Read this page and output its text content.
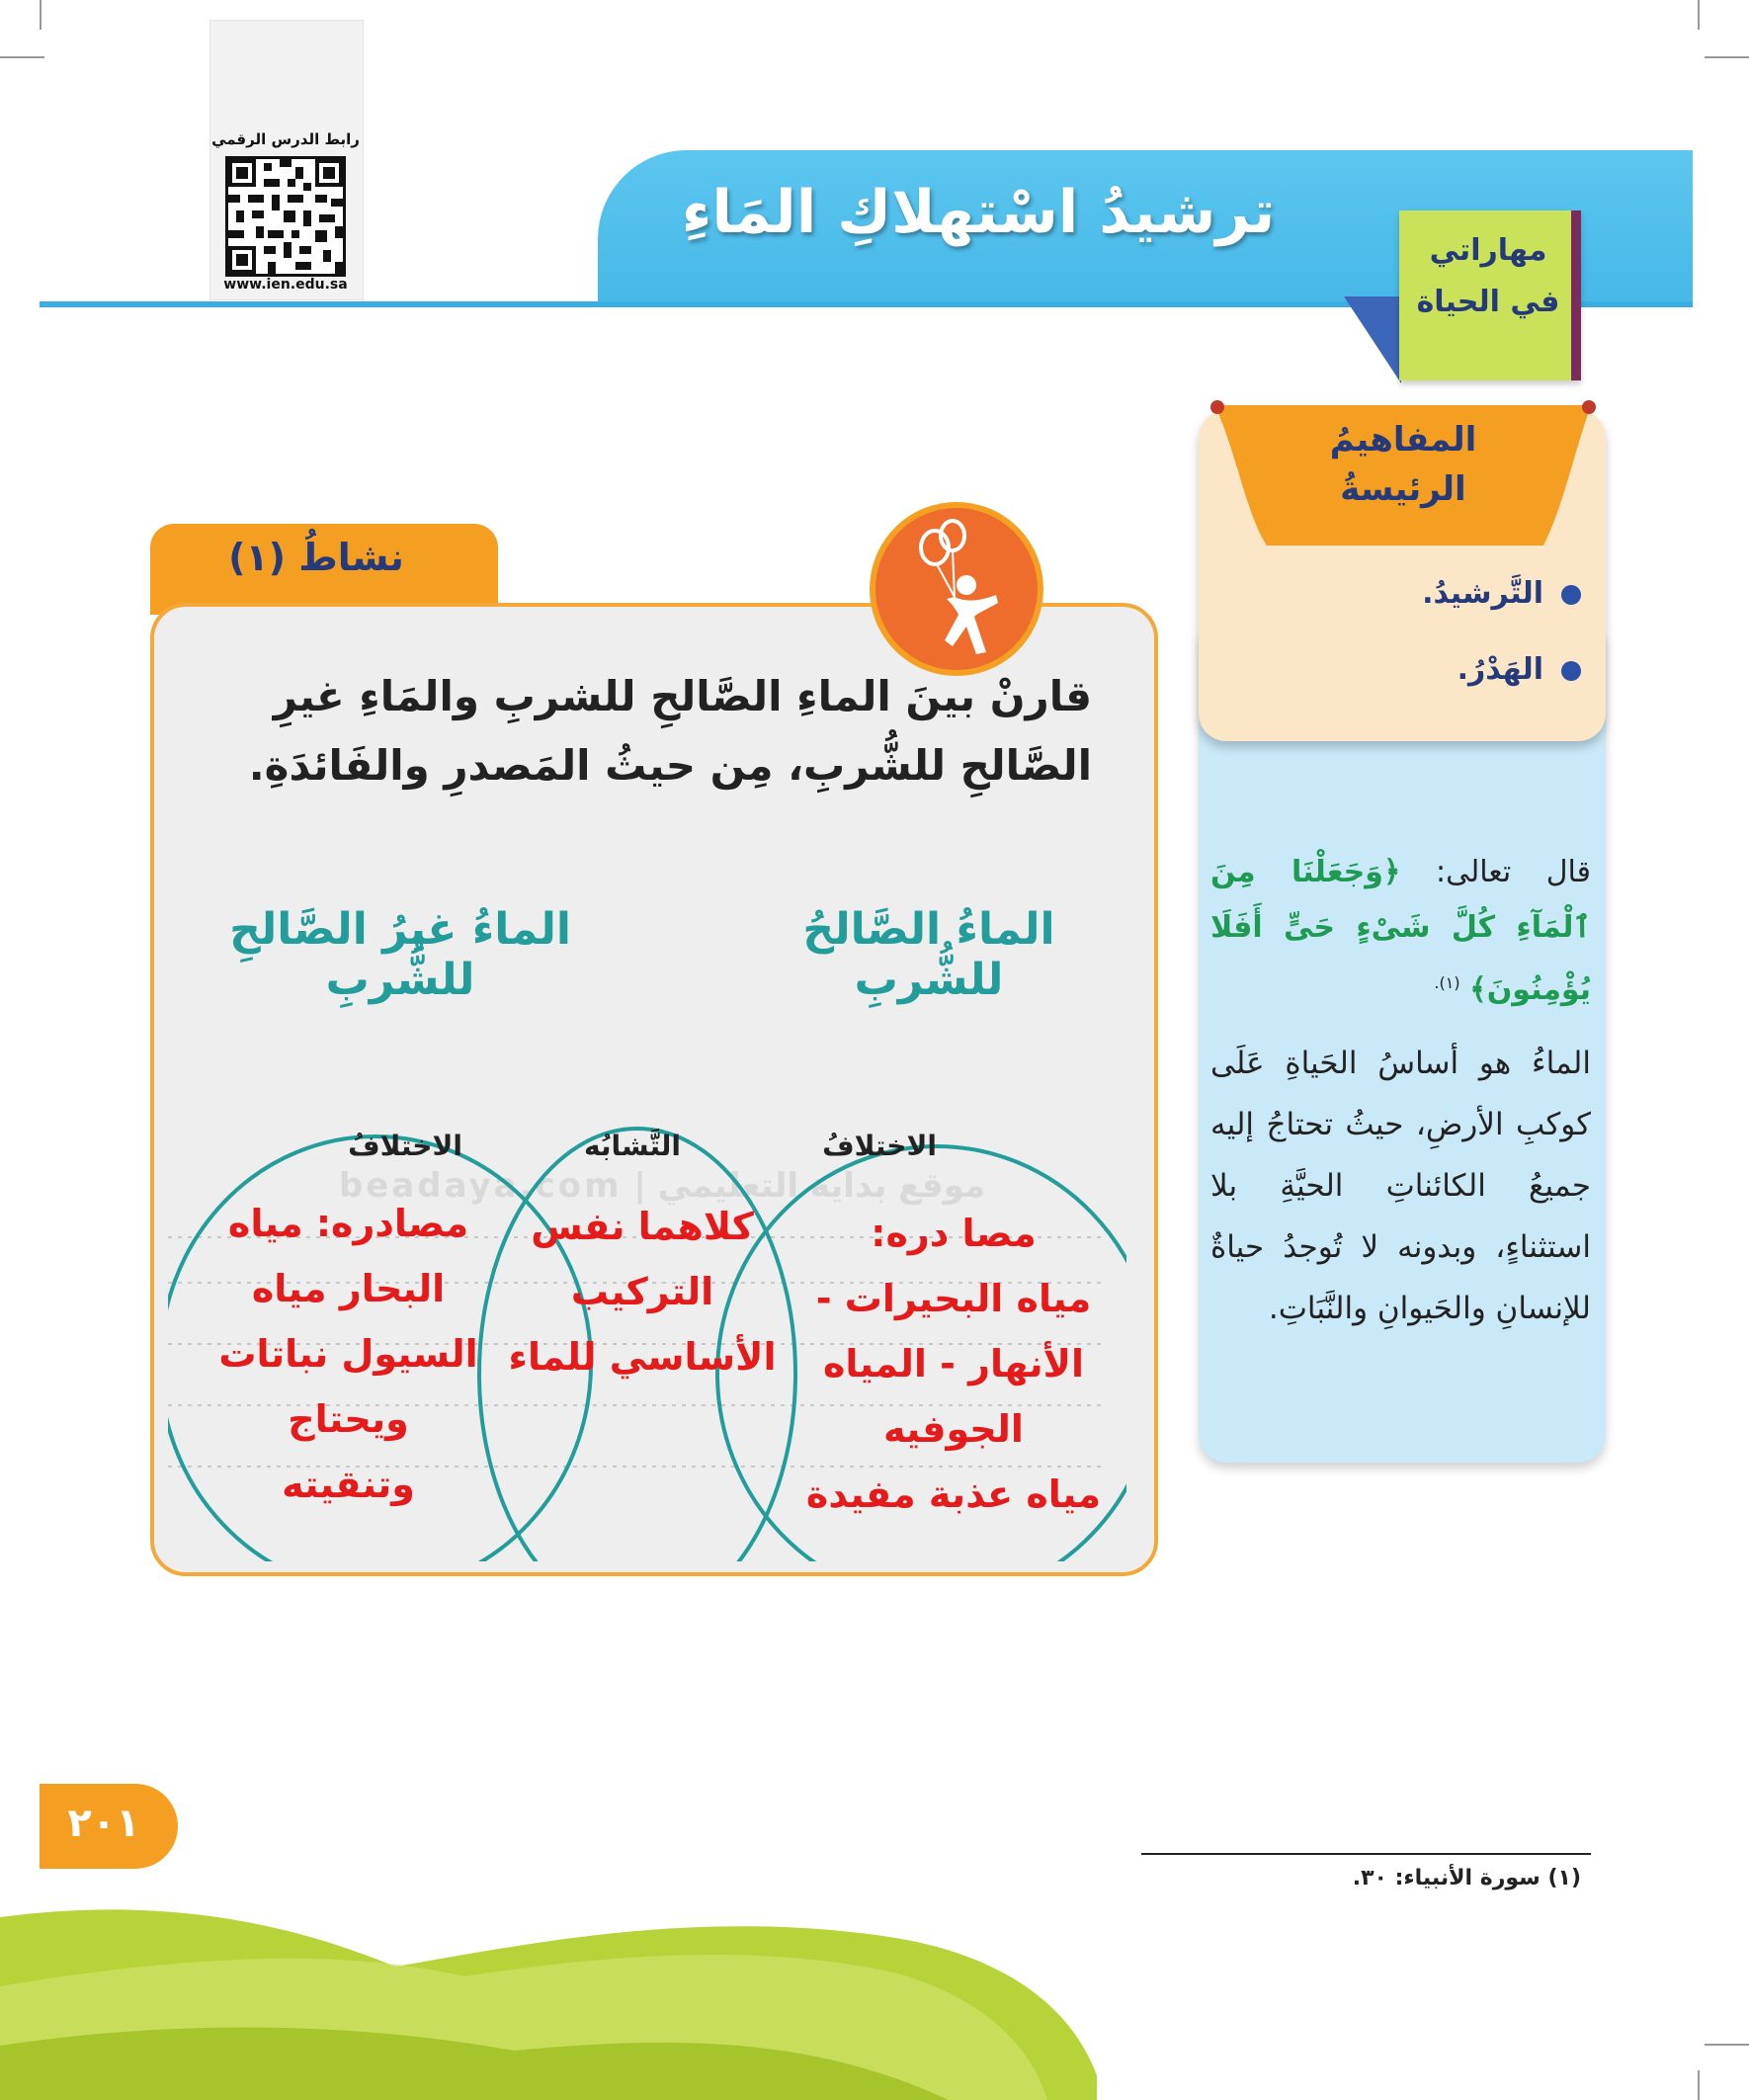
رابط الدرس الرقمي
www.ien.edu.sa
ترشيدُ اسْتهلاكِ المَاءِ
مهاراتي
في الحياة
المفاهيمُ
الرئيسةُ
التَّرشيدُ.
الهَدْرُ.
قال تعالى: ﴿وَجَعَلْنَا مِنَ ٱلْمَآءِ كُلَّ شَىْءٍ حَىٍّ أَفَلَا يُؤْمِنُونَ﴾ $^{(١).}$
الماءُ هو أساسُ الحَياةِ عَلَى كوكبِ الأرضِ، حيثُ تحتاجُ إليه جميعُ الكائناتِ الحيَّةِ بلا استثناءٍ، وبدونه لا تُوجدُ حياةٌ للإنسانِ والحَيوانِ والنَّبَاتِ.
نشاطُ (١)
قارنْ بينَ الماءِ الصَّالحِ للشربِ والمَاءِ غيرِ الصَّالحِ للشُّربِ، مِن حيثُ المَصدرِ والفَائدَةِ.
الماءُ الصَّالحُ للشُّربِ
الماءُ غيرُ الصَّالحِ للشُّربِ
موقع بداية التعليمي | beadaya.com
الاختلافُ
التَّشابُه
الاختلافُ
مصا دره:
مياه البحيرات -
الأنهار - المياه
الجوفيه
مياه عذبة مفيدة
كلاهما نفس
التركيب
الأساسي للماء
مصادره: مياه
البحار مياه
السيول نباتات
ويحتاج
وتنقيته
٢٠١
(١) سورة الأنبياء: ٣٠.
